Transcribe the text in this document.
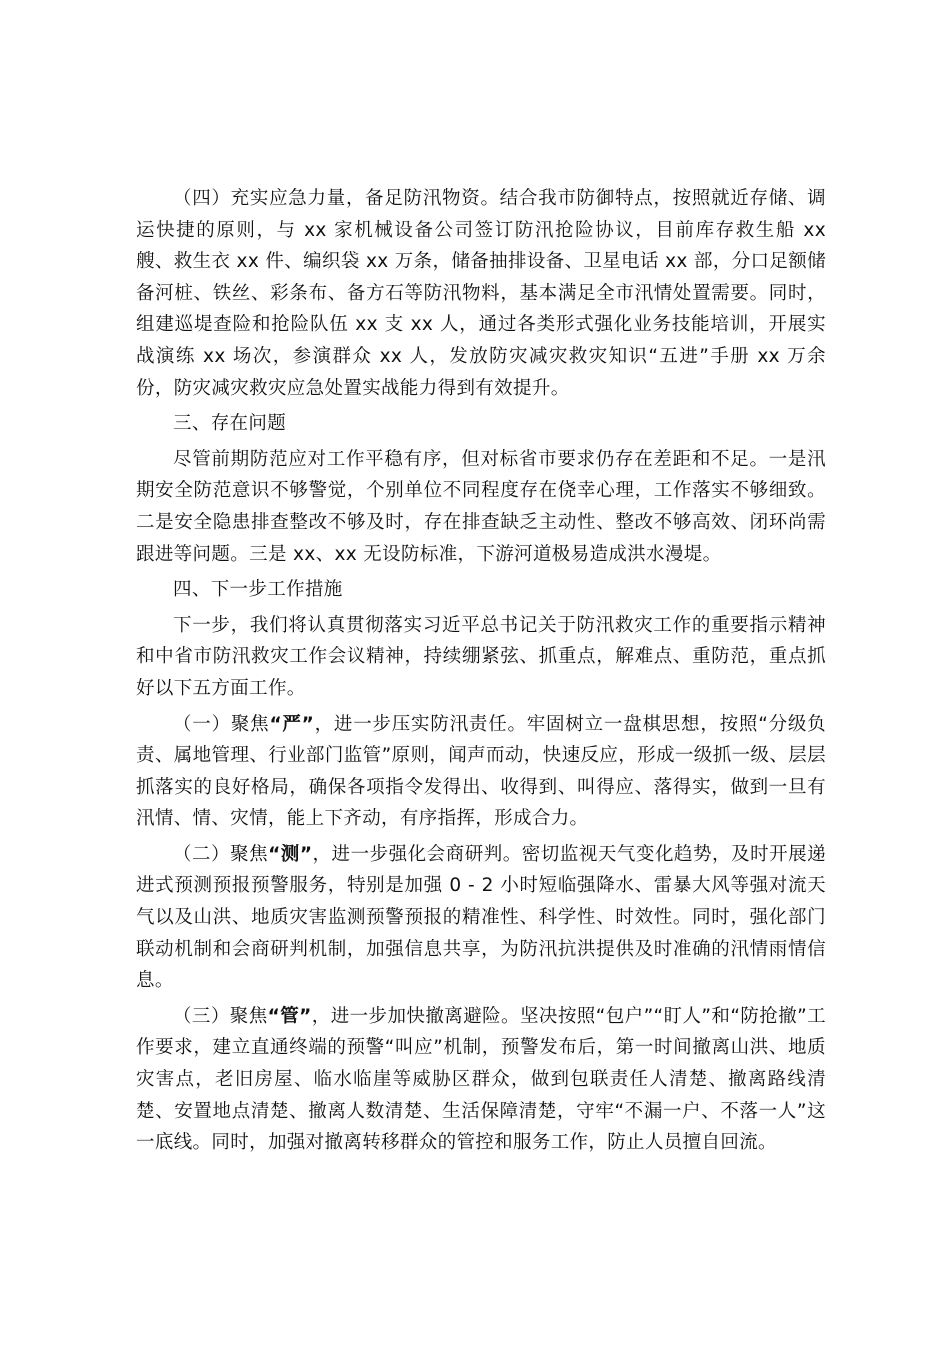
（四）充实应急力量，备足防汛物资。结合我市防御特点，按照就近存储、调运快捷的原则，与 xx 家机械设备公司签订防汛抢险协议，目前库存救生船 xx 艘、救生衣 xx 件、编织袋 xx 万条，储备抽排设备、卫星电话 xx 部，分口足额储备河桩、铁丝、彩条布、备方石等防汛物料，基本满足全市汛情处置需要。同时，组建巡堤查险和抢险队伍 xx 支 xx 人，通过各类形式强化业务技能培训，开展实战演练 xx 场次，参演群众 xx 人，发放防灾减灾救灾知识“五进”手册 xx 万余份，防灾减灾救灾应急处置实战能力得到有效提升。

三、存在问题

尽管前期防范应对工作平稳有序，但对标省市要求仍存在差距和不足。一是汛期安全防范意识不够警觉，个别单位不同程度存在侥幸心理，工作落实不够细致。二是安全隐患排查整改不够及时，存在排查缺乏主动性、整改不够高效、闭环尚需跟进等问题。三是 xx、xx 无设防标准，下游河道极易造成洪水漫堤。

四、下一步工作措施

下一步，我们将认真贯彻落实习近平总书记关于防汛救灾工作的重要指示精神和中省市防汛救灾工作会议精神，持续绷紧弦、抓重点，解难点、重防范，重点抓好以下五方面工作。

（一）聚焦“严”，进一步压实防汛责任。牢固树立一盘棋思想，按照“分级负责、属地管理、行业部门监管”原则，闻声而动，快速反应，形成一级抓一级、层层抓落实的良好格局，确保各项指令发得出、收得到、叫得应、落得实，做到一旦有汛情、情、灾情，能上下齐动，有序指挥，形成合力。

（二）聚焦“测”，进一步强化会商研判。密切监视天气变化趋势，及时开展递进式预测预报预警服务，特别是加强 0 - 2 小时短临强降水、雷暴大风等强对流天气以及山洪、地质灾害监测预警预报的精准性、科学性、时效性。同时，强化部门联动机制和会商研判机制，加强信息共享，为防汛抗洪提供及时准确的汛情雨情信息。

（三）聚焦“管”，进一步加快撤离避险。坚决按照“包户”“盯人”和“防抢撤”工作要求，建立直通终端的预警“叫应”机制，预警发布后，第一时间撤离山洪、地质灾害点，老旧房屋、临水临崖等威胁区群众，做到包联责任人清楚、撤离路线清楚、安置地点清楚、撤离人数清楚、生活保障清楚，守牢“不漏一户、不落一人”这一底线。同时，加强对撤离转移群众的管控和服务工作，防止人员擅自回流。
